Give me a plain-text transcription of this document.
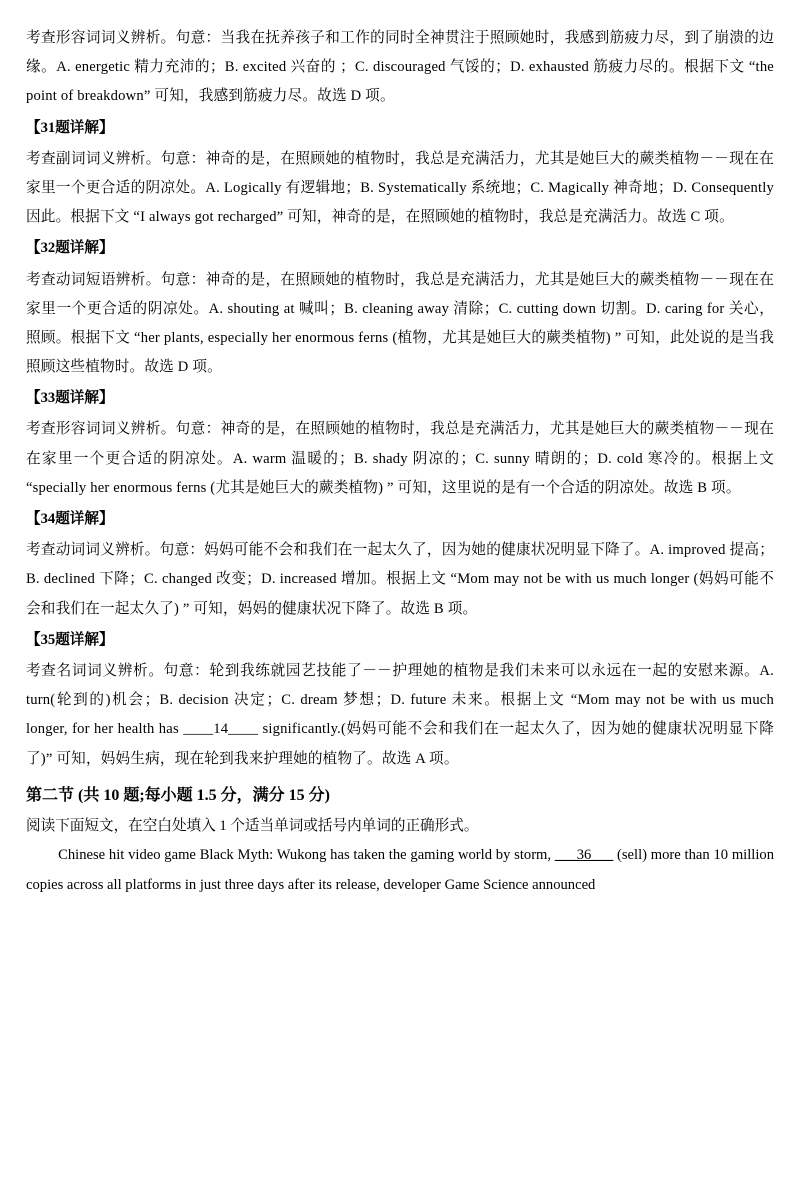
考查形容词词义辨析。句意：当我在抚养孩子和工作的同时全神贯注于照顾她时，我感到筋疲力尽，到了崩溃的边缘。A. energetic 精力充沛的；B. excited 兴奋的 ；C. discouraged 气馁的；D. exhausted 筋疲力尽的。根据下文 “the point of breakdown” 可知，我感到筋疲力尽。故选 D 项。

【31题详解】

考查副词词义辨析。句意：神奇的是，在照顾她的植物时，我总是充满活力，尤其是她巨大的蕨类植物－－现在在家里一个更合适的阴凉处。A. Logically 有逻辑地；B. Systematically 系统地；C. Magically 神奇地；D. Consequently 因此。根据下文 “I always got recharged” 可知，神奇的是，在照顾她的植物时，我总是充满活力。故选 C 项。

【32题详解】

考查动词短语辨析。句意：神奇的是，在照顾她的植物时，我总是充满活力，尤其是她巨大的蕨类植物－－现在在家里一个更合适的阴凉处。A. shouting at 喊叫；B. cleaning away 清除；C. cutting down 切割。D. caring for 关心，照顾。根据下文 “her plants, especially her enormous ferns (植物，尤其是她巨大的蕨类植物) ” 可知，此处说的是当我照顾这些植物时。故选 D 项。

【33题详解】

考查形容词词义辨析。句意：神奇的是，在照顾她的植物时，我总是充满活力，尤其是她巨大的蕨类植物－－现在在家里一个更合适的阴凉处。A. warm 温暖的；B. shady 阴凉的；C. sunny 晴朗的；D. cold 寒冷的。根据上文 “specially her enormous ferns (尤其是她巨大的蕨类植物) ” 可知，这里说的是有一个合适的阴凉处。故选 B 项。

【34题详解】

考查动词词义辨析。句意：妈妈可能不会和我们在一起太久了，因为她的健康状况明显下降了。A. improved 提高；B. declined 下降；C. changed 改变；D. increased 增加。根据上文 “Mom may not be with us much longer (妈妈可能不会和我们在一起太久了) ” 可知，妈妈的健康状况下降了。故选 B 项。

【35题详解】

考查名词词义辨析。句意：轮到我练就园艺技能了－－护理她的植物是我们未来可以永远在一起的安慰来源。A. turn(轮到的)机会；B. decision 决定；C. dream 梦想；D. future 未来。根据上文 “Mom may not be with us much longer, for her health has ____14____ significantly.(妈妈可能不会和我们在一起太久了，因为她的健康状况明显下降了)” 可知，妈妈生病，现在轮到我来护理她的植物了。故选 A 项。

第二节 (共 10 题;每小题 1.5 分，满分 15 分)

阅读下面短文，在空白处填入 1 个适当单词或括号内单词的正确形式。

Chinese hit video game Black Myth: Wukong has taken the gaming world by storm, ___36___ (sell) more than 10 million copies across all platforms in just three days after its release, developer Game Science announced
